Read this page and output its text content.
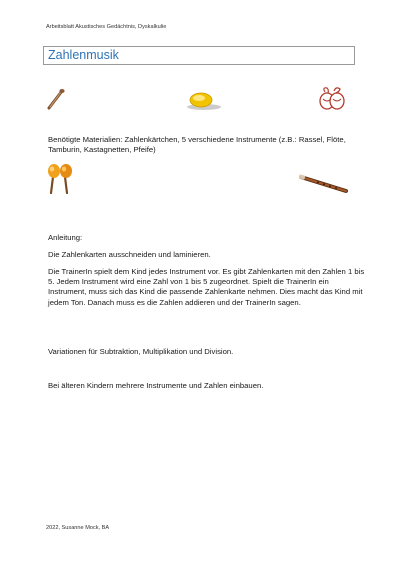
Arbeitsblatt Akustisches Gedächtnis, Dyskalkulie
Zahlenmusik
Benötigte Materialien: Zahlenkärtchen, 5 verschiedene Instrumente (z.B.: Rassel, Flöte, Tamburin, Kastagnetten, Pfeife)
Anleitung:
Die Zahlenkarten ausschneiden und laminieren.
Die TrainerIn spielt dem Kind jedes Instrument vor. Es gibt Zahlenkarten mit den Zahlen 1 bis 5. Jedem Instrument wird eine Zahl von 1 bis 5 zugeordnet. Spielt die TrainerIn ein Instrument, muss sich das Kind die passende Zahlenkarte nehmen. Dies macht das Kind mit jedem Ton. Danach muss es die Zahlen addieren und der TrainerIn sagen.
Variationen für Subtraktion, Multiplikation und Division.
Bei älteren Kindern mehrere Instrumente und Zahlen einbauen.
2022, Susanne Mock, BA
